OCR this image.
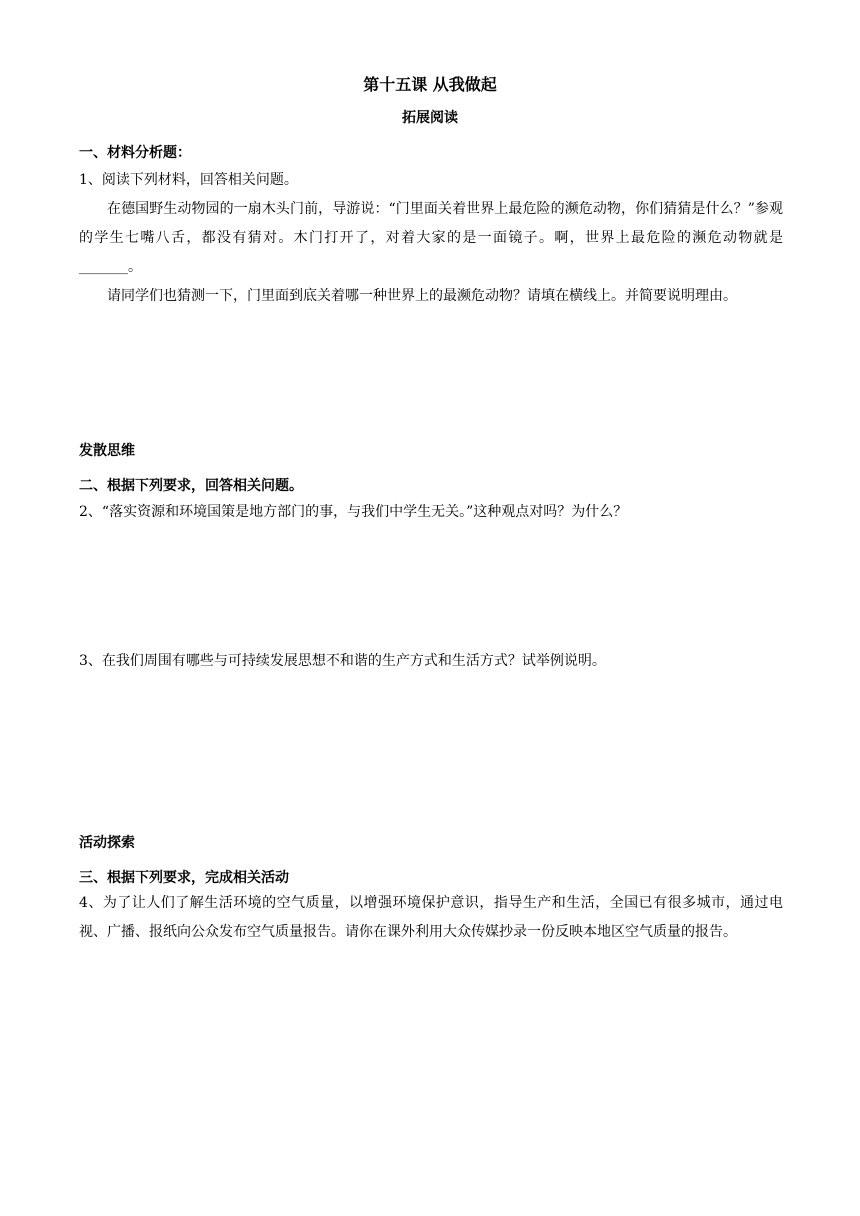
第十五课 从我做起
拓展阅读
一、材料分析题：
1、阅读下列材料，回答相关问题。
在德国野生动物园的一扇木头门前，导游说：“门里面关着世界上最危险的濒危动物，你们猜猜是什么？”参观的学生七嘴八舌，都没有猜对。木门打开了，对着大家的是一面镜子。啊，世界上最危险的濒危动物就是_______。
请同学们也猜测一下，门里面到底关着哪一种世界上的最濒危动物？请填在横线上。并简要说明理由。
发散思维
二、根据下列要求，回答相关问题。
2、“落实资源和环境国策是地方部门的事，与我们中学生无关。”这种观点对吗？为什么？
3、在我们周围有哪些与可持续发展思想不和谐的生产方式和生活方式？试举例说明。
活动探索
三、根据下列要求，完成相关活动
4、为了让人们了解生活环境的空气质量，以增强环境保护意识，指导生产和生活，全国已有很多城市，通过电视、广播、报纸向公众发布空气质量报告。请你在课外利用大众传媒抄录一份反映本地区空气质量的报告。
